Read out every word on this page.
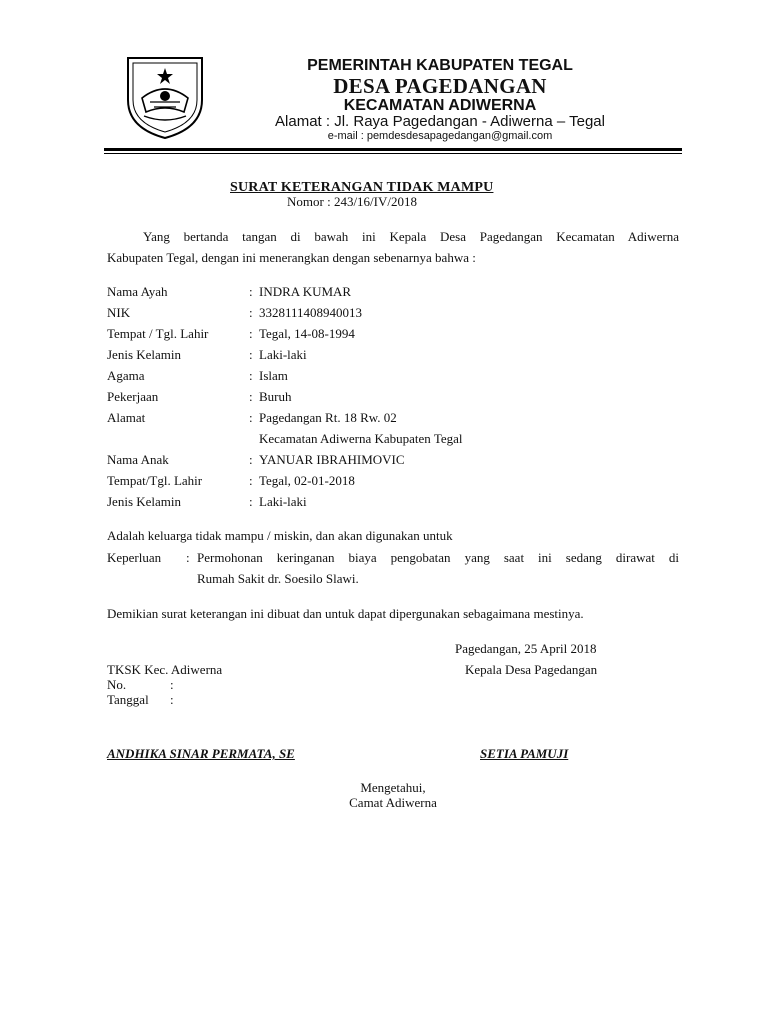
PEMERINTAH KABUPATEN TEGAL
DESA PAGEDANGAN
KECAMATAN ADIWERNA
Alamat : Jl. Raya Pagedangan - Adiwerna – Tegal
e-mail : pemdesdesapagedangan@gmail.com
SURAT KETERANGAN TIDAK MAMPU
Nomor : 243/16/IV/2018
Yang bertanda tangan di bawah ini Kepala Desa Pagedangan Kecamatan Adiwerna
Kabupaten Tegal, dengan ini menerangkan dengan sebenarnya bahwa :
Nama Ayah	: INDRA KUMAR
NIK	: 3328111408940013
Tempat / Tgl. Lahir	: Tegal, 14-08-1994
Jenis Kelamin	: Laki-laki
Agama	: Islam
Pekerjaan	: Buruh
Alamat	: Pagedangan Rt. 18 Rw. 02
Kecamatan Adiwerna Kabupaten Tegal
Nama Anak	: YANUAR IBRAHIMOVIC
Tempat/Tgl. Lahir	: Tegal, 02-01-2018
Jenis Kelamin	: Laki-laki
Adalah keluarga tidak mampu / miskin, dan akan digunakan untuk
Keperluan : Permohonan keringanan biaya pengobatan yang saat ini sedang dirawat di
Rumah Sakit dr. Soesilo Slawi.
Demikian surat keterangan ini dibuat dan untuk dapat dipergunakan sebagaimana mestinya.
Pagedangan, 25 April 2018
TKSK Kec. Adiwerna	Kepala Desa Pagedangan
No.	:
Tanggal :
ANDHIKA SINAR PERMATA, SE	SETIA PAMUJI
Mengetahui,
Camat Adiwerna
